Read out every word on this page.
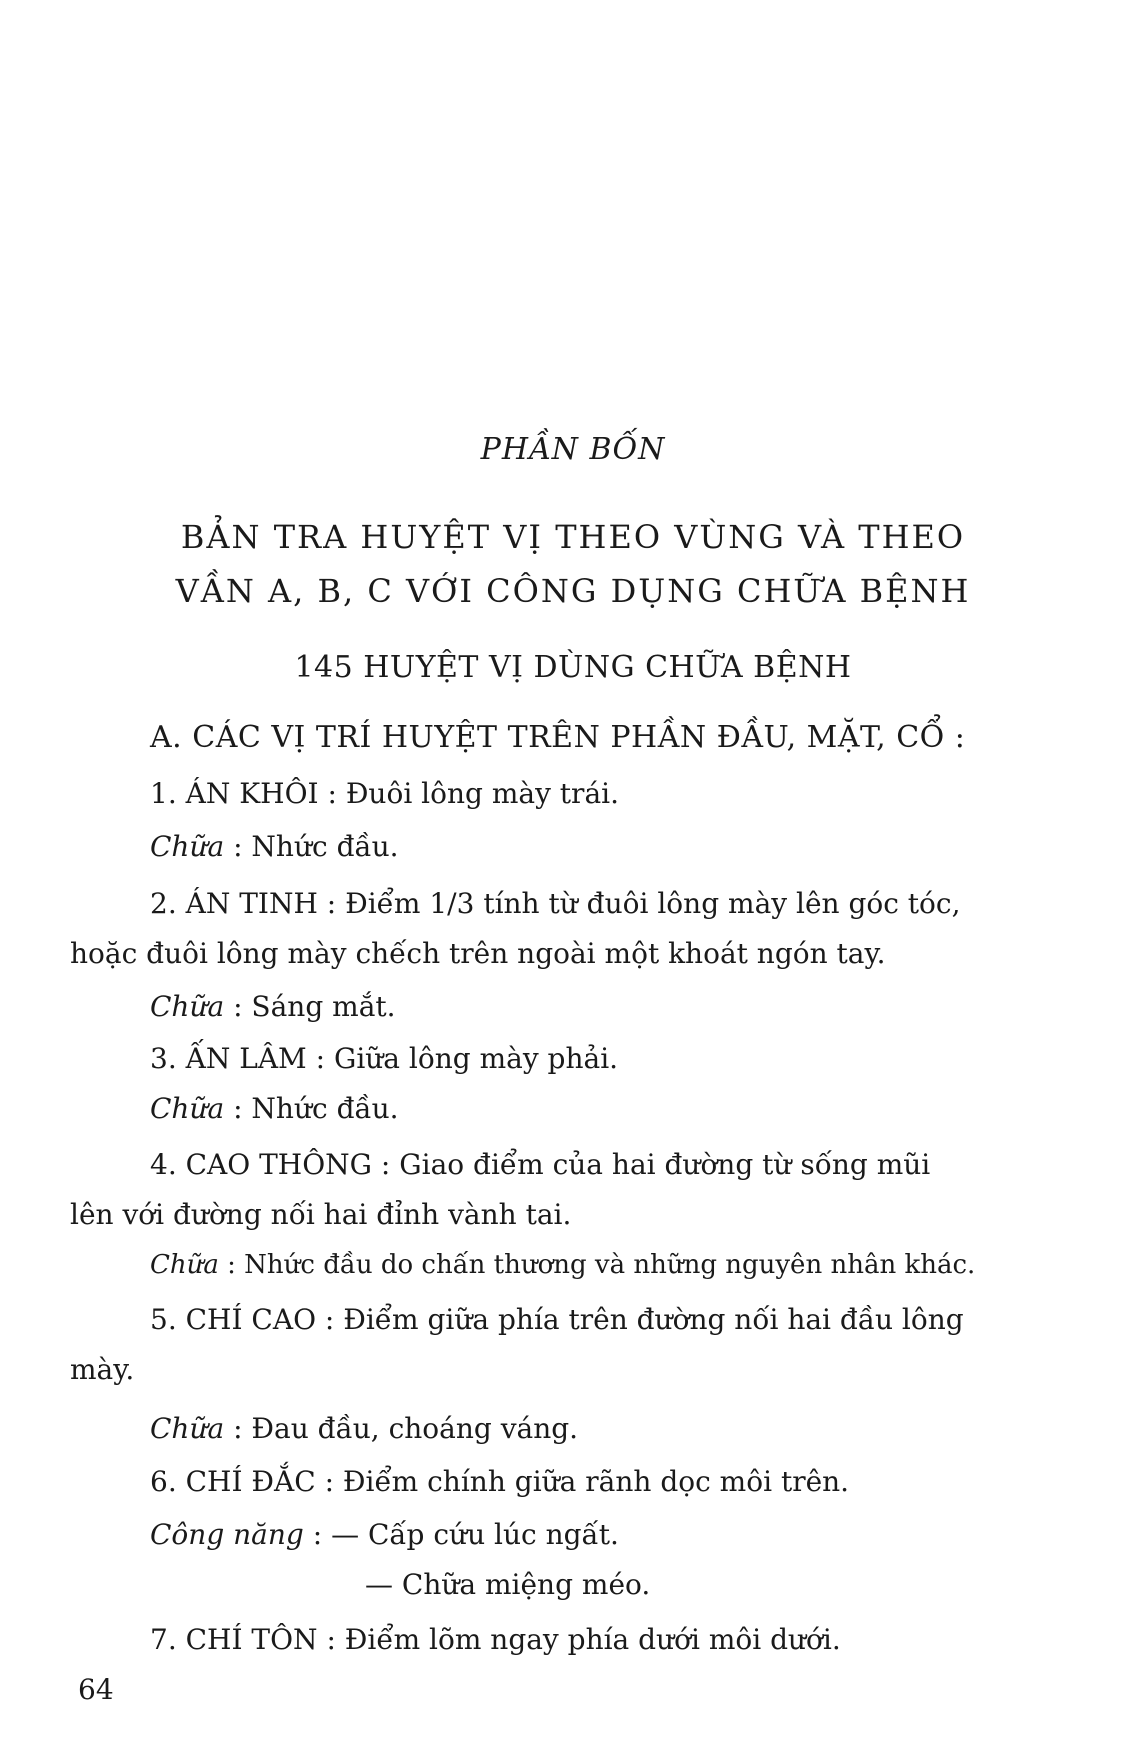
PHẦN BỐN
BẢN TRA HUYỆT VỊ THEO VÙNG VÀ THEO
VẦN A, B, C VỚI CÔNG DỤNG CHỮA BỆNH
145 HUYỆT VỊ DÙNG CHỮA BỆNH
A. CÁC VỊ TRÍ HUYỆT TRÊN PHẦN ĐẦU, MẶT, CỔ :
1. ÁN KHÔI : Đuôi lông mày trái.
Chữa : Nhức đầu.
2. ÁN TINH : Điểm 1/3 tính từ đuôi lông mày lên góc tóc,
hoặc đuôi lông mày chếch trên ngoài một khoát ngón tay.
Chữa : Sáng mắt.
3. ẤN LÂM : Giữa lông mày phải.
Chữa : Nhức đầu.
4. CAO THÔNG : Giao điểm của hai đường từ sống mũi
lên với đường nối hai đỉnh vành tai.
Chữa : Nhức đầu do chấn thương và những nguyên nhân khác.
5. CHÍ CAO : Điểm giữa phía trên đường nối hai đầu lông
mày.
Chữa : Đau đầu, choáng váng.
6. CHÍ ĐẮC : Điểm chính giữa rãnh dọc môi trên.
Công năng : — Cấp cứu lúc ngất.
— Chữa miệng méo.
7. CHÍ TÔN : Điểm lõm ngay phía dưới môi dưới.
64
